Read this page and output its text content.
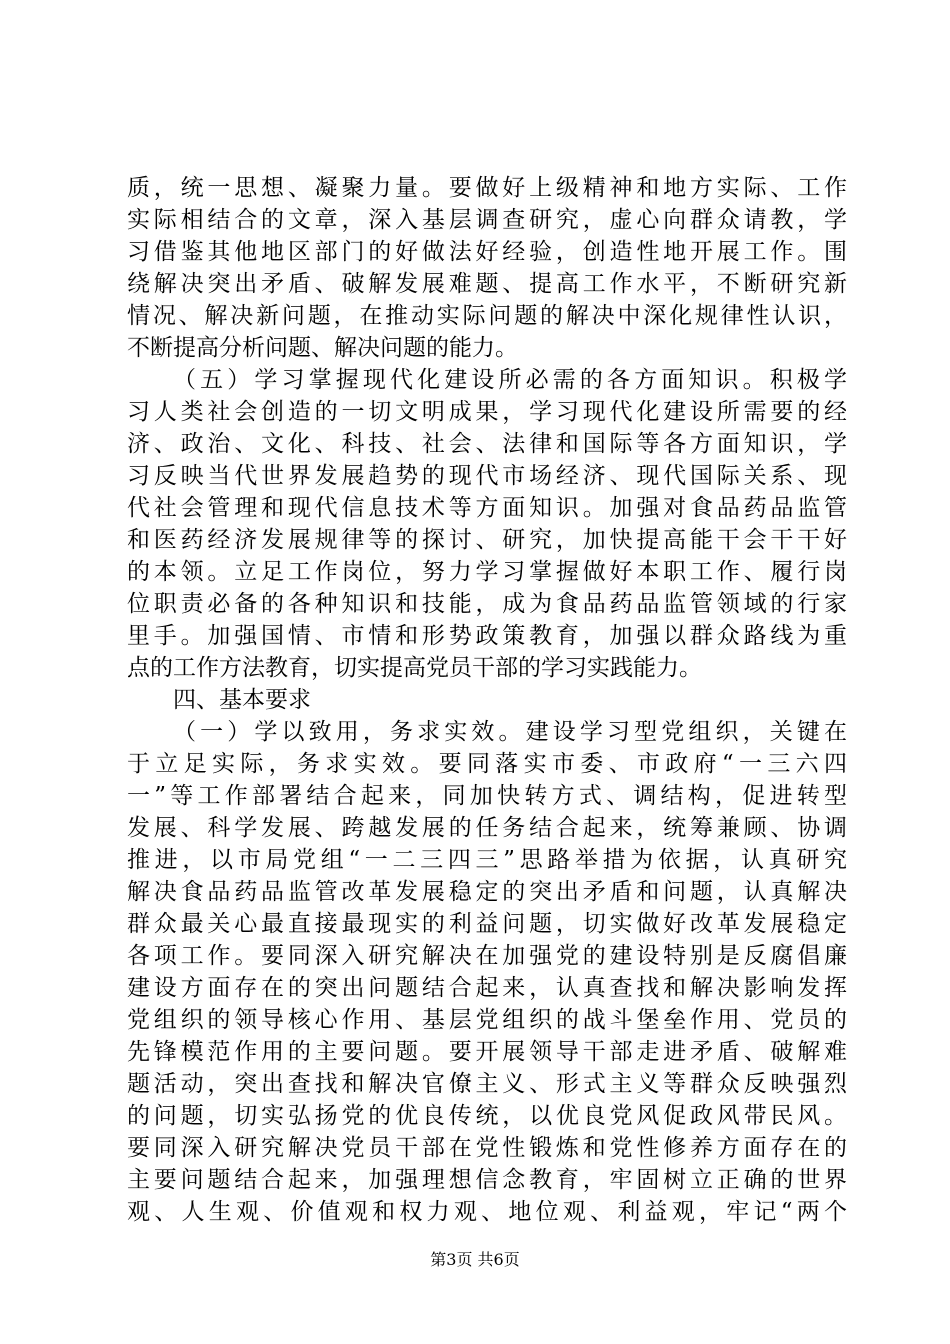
质，统一思想、凝聚力量。要做好上级精神和地方实际、工作
实际相结合的文章，深入基层调查研究，虚心向群众请教，学
习借鉴其他地区部门的好做法好经验，创造性地开展工作。围
绕解决突出矛盾、破解发展难题、提高工作水平，不断研究新
情况、解决新问题，在推动实际问题的解决中深化规律性认识，
不断提高分析问题、解决问题的能力。
（五）学习掌握现代化建设所必需的各方面知识。积极学
习人类社会创造的一切文明成果，学习现代化建设所需要的经
济、政治、文化、科技、社会、法律和国际等各方面知识，学
习反映当代世界发展趋势的现代市场经济、现代国际关系、现
代社会管理和现代信息技术等方面知识。加强对食品药品监管
和医药经济发展规律等的探讨、研究，加快提高能干会干干好
的本领。立足工作岗位，努力学习掌握做好本职工作、履行岗
位职责必备的各种知识和技能，成为食品药品监管领域的行家
里手。加强国情、市情和形势政策教育，加强以群众路线为重
点的工作方法教育，切实提高党员干部的学习实践能力。
四、基本要求
（一）学以致用，务求实效。建设学习型党组织，关键在
于立足实际，务求实效。要同落实市委、市政府“一三六四
一”等工作部署结合起来，同加快转方式、调结构，促进转型
发展、科学发展、跨越发展的任务结合起来，统筹兼顾、协调
推进，以市局党组“一二三四三”思路举措为依据，认真研究
解决食品药品监管改革发展稳定的突出矛盾和问题，认真解决
群众最关心最直接最现实的利益问题，切实做好改革发展稳定
各项工作。要同深入研究解决在加强党的建设特别是反腐倡廉
建设方面存在的突出问题结合起来，认真查找和解决影响发挥
党组织的领导核心作用、基层党组织的战斗堡垒作用、党员的
先锋模范作用的主要问题。要开展领导干部走进矛盾、破解难
题活动，突出查找和解决官僚主义、形式主义等群众反映强烈
的问题，切实弘扬党的优良传统，以优良党风促政风带民风。
要同深入研究解决党员干部在党性锻炼和党性修养方面存在的
主要问题结合起来，加强理想信念教育，牢固树立正确的世界
观、人生观、价值观和权力观、地位观、利益观，牢记“两个
第3页 共6页
